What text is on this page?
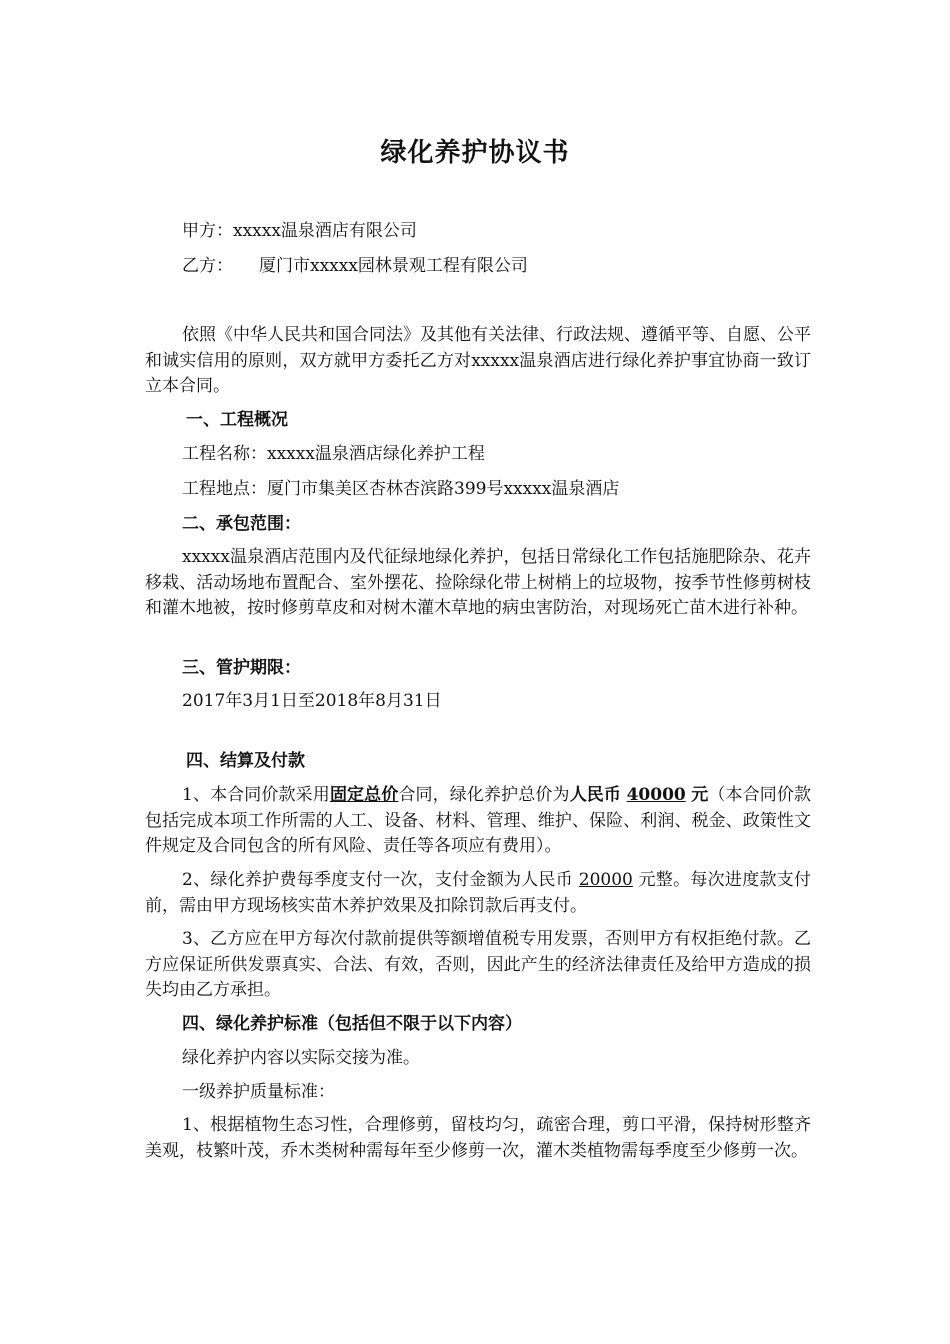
绿化养护协议书
甲方：xxxxx温泉酒店有限公司
乙方： 厦门市xxxxx园林景观工程有限公司
依照《中华人民共和国合同法》及其他有关法律、行政法规、遵循平等、自愿、公平和诚实信用的原则，双方就甲方委托乙方对xxxxx温泉酒店进行绿化养护事宜协商一致订立本合同。
一、工程概况
工程名称：xxxxx温泉酒店绿化养护工程
工程地点：厦门市集美区杏林杏滨路399号xxxxx温泉酒店
二、承包范围：
xxxxx温泉酒店范围内及代征绿地绿化养护，包括日常绿化工作包括施肥除杂、花卉移栽、活动场地布置配合、室外摆花、捡除绿化带上树梢上的垃圾物，按季节性修剪树枝和灌木地被，按时修剪草皮和对树木灌木草地的病虫害防治，对现场死亡苗木进行补种。
三、管护期限：
2017年3月1日至2018年8月31日
四、结算及付款
1、本合同价款采用固定总价合同，绿化养护总价为人民币 40000 元（本合同价款包括完成本项工作所需的人工、设备、材料、管理、维护、保险、利润、税金、政策性文件规定及合同包含的所有风险、责任等各项应有费用）。
2、绿化养护费每季度支付一次，支付金额为人民币 20000 元整。每次进度款支付前，需由甲方现场核实苗木养护效果及扣除罚款后再支付。
3、乙方应在甲方每次付款前提供等额增值税专用发票，否则甲方有权拒绝付款。乙方应保证所供发票真实、合法、有效，否则，因此产生的经济法律责任及给甲方造成的损失均由乙方承担。
四、绿化养护标准（包括但不限于以下内容）
绿化养护内容以实际交接为准。
一级养护质量标准：
1、根据植物生态习性，合理修剪，留枝均匀，疏密合理，剪口平滑，保持树形整齐美观，枝繁叶茂，乔木类树种需每年至少修剪一次，灌木类植物需每季度至少修剪一次。
